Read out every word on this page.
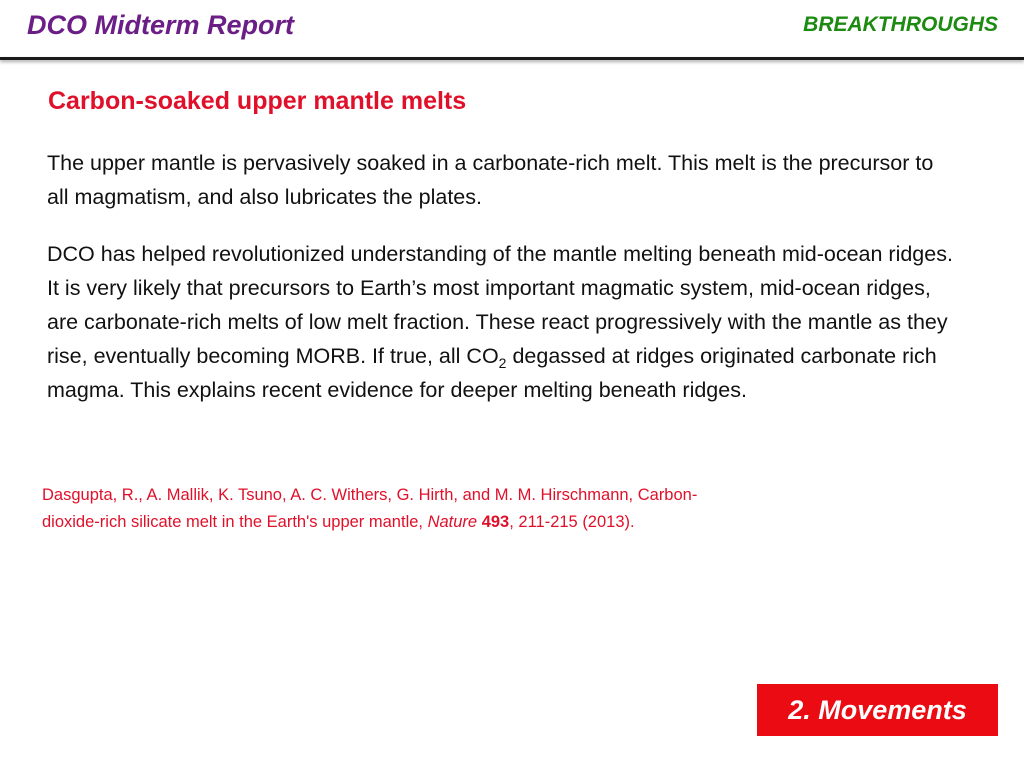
DCO Midterm Report	BREAKTHROUGHS
Carbon-soaked upper mantle melts

The upper mantle is pervasively soaked in a carbonate-rich melt. This melt is the precursor to all magmatism, and also lubricates the plates.

DCO has helped revolutionized understanding of the mantle melting beneath mid-ocean ridges. It is very likely that precursors to Earth’s most important magmatic system, mid-ocean ridges, are carbonate-rich melts of low melt fraction. These react progressively with the mantle as they rise, eventually becoming MORB. If true, all $CO_2$ degassed at ridges originated carbonate rich magma. This explains recent evidence for deeper melting beneath ridges.

Dasgupta, R., A. Mallik, K. Tsuno, A. C. Withers, G. Hirth, and M. M. Hirschmann, Carbon-dioxide-rich silicate melt in the Earth's upper mantle, Nature 493, 211-215 (2013).

2. Movements
